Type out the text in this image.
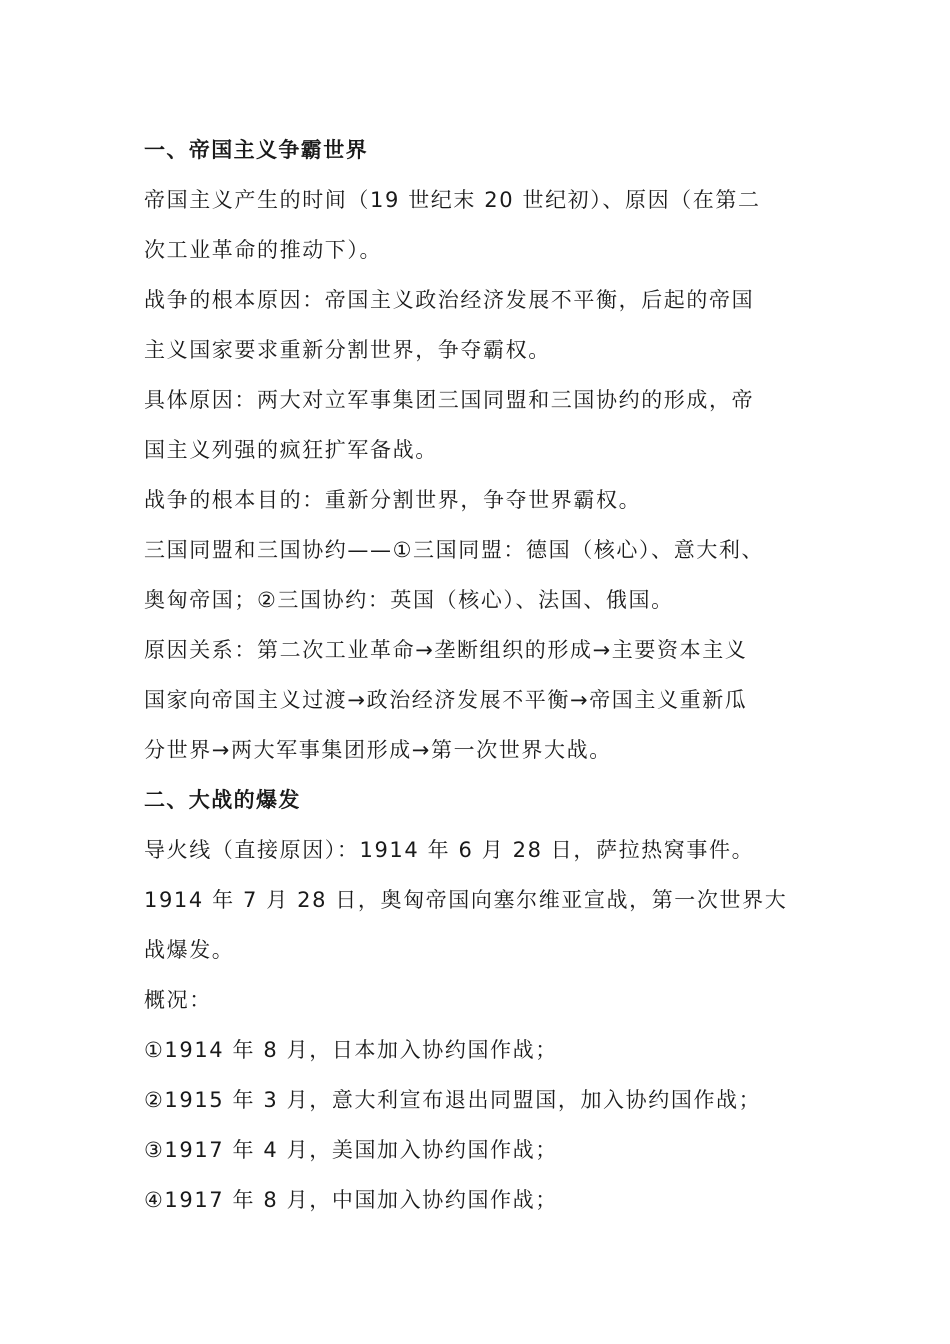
一、帝国主义争霸世界
帝国主义产生的时间（19 世纪末 20 世纪初）、原因（在第二
次工业革命的推动下）。
战争的根本原因：帝国主义政治经济发展不平衡，后起的帝国
主义国家要求重新分割世界，争夺霸权。
具体原因：两大对立军事集团三国同盟和三国协约的形成，帝
国主义列强的疯狂扩军备战。
战争的根本目的：重新分割世界，争夺世界霸权。
三国同盟和三国协约——①三国同盟：德国（核心）、意大利、
奥匈帝国；②三国协约：英国（核心）、法国、俄国。
原因关系：第二次工业革命→垄断组织的形成→主要资本主义
国家向帝国主义过渡→政治经济发展不平衡→帝国主义重新瓜
分世界→两大军事集团形成→第一次世界大战。
二、大战的爆发
导火线（直接原因）：1914 年 6 月 28 日，萨拉热窝事件。
1914 年 7 月 28 日，奥匈帝国向塞尔维亚宣战，第一次世界大
战爆发。
概况：
①1914 年 8 月，日本加入协约国作战；
②1915 年 3 月，意大利宣布退出同盟国，加入协约国作战；
③1917 年 4 月，美国加入协约国作战；
④1917 年 8 月，中国加入协约国作战；
